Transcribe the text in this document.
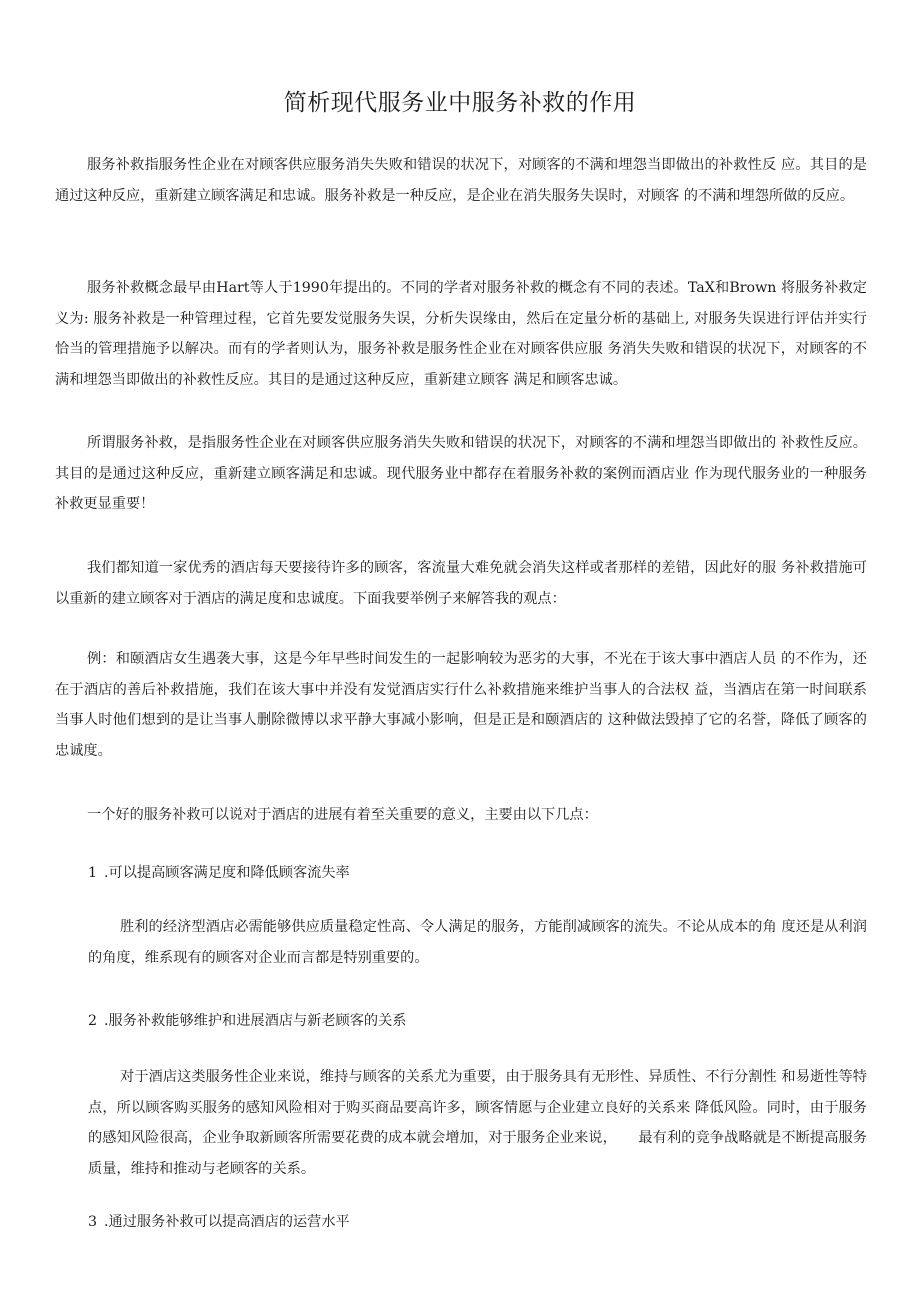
简析现代服务业中服务补救的作用

服务补救指服务性企业在对顾客供应服务消失失败和错误的状况下，对顾客的不满和埋怨当即做出的补救性反 应。其目的是通过这种反应，重新建立顾客满足和忠诚。服务补救是一种反应，是企业在消失服务失误时，对顾客 的不满和埋怨所做的反应。

服务补救概念最早由Hart等人于1990年提出的。不同的学者对服务补救的概念有不同的表述。TaX和Brown 将服务补救定义为: 服务补救是一种管理过程，它首先要发觉服务失误，分析失误缘由，然后在定量分析的基础上, 对服务失误进行评估并实行恰当的管理措施予以解决。而有的学者则认为，服务补救是服务性企业在对顾客供应服 务消失失败和错误的状况下，对顾客的不满和埋怨当即做出的补救性反应。其目的是通过这种反应，重新建立顾客 满足和顾客忠诚。

所谓服务补救，是指服务性企业在对顾客供应服务消失失败和错误的状况下，对顾客的不满和埋怨当即做出的 补救性反应。其目的是通过这种反应，重新建立顾客满足和忠诚。现代服务业中都存在着服务补救的案例而酒店业 作为现代服务业的一种服务补救更显重要！

我们都知道一家优秀的酒店每天要接待许多的顾客，客流量大难免就会消失这样或者那样的差错，因此好的服 务补救措施可以重新的建立顾客对于酒店的满足度和忠诚度。下面我要举例子来解答我的观点：

例：和颐酒店女生遇袭大事，这是今年早些时间发生的一起影响较为恶劣的大事，不光在于该大事中酒店人员 的不作为，还在于酒店的善后补救措施，我们在该大事中并没有发觉酒店实行什么补救措施来维护当事人的合法权 益，当酒店在第一时间联系当事人时他们想到的是让当事人删除微博以求平静大事减小影响，但是正是和颐酒店的 这种做法毁掉了它的名誉，降低了顾客的忠诚度。

一个好的服务补救可以说对于酒店的进展有着至关重要的意义，主要由以下几点：

1 .可以提高顾客满足度和降低顾客流失率

胜利的经济型酒店必需能够供应质量稳定性高、令人满足的服务，方能削减顾客的流失。不论从成本的角 度还是从利润的角度，维系现有的顾客对企业而言都是特别重要的。

2 .服务补救能够维护和进展酒店与新老顾客的关系

对于酒店这类服务性企业来说，维持与顾客的关系尤为重要，由于服务具有无形性、异质性、不行分割性 和易逝性等特点，所以顾客购买服务的感知风险相对于购买商品要高许多，顾客情愿与企业建立良好的关系来 降低风险。同时，由于服务的感知风险很高，企业争取新顾客所需要花费的成本就会增加，对于服务企业来说，　　最有利的竞争战略就是不断提高服务质量，维持和推动与老顾客的关系。

3 .通过服务补救可以提高酒店的运营水平
